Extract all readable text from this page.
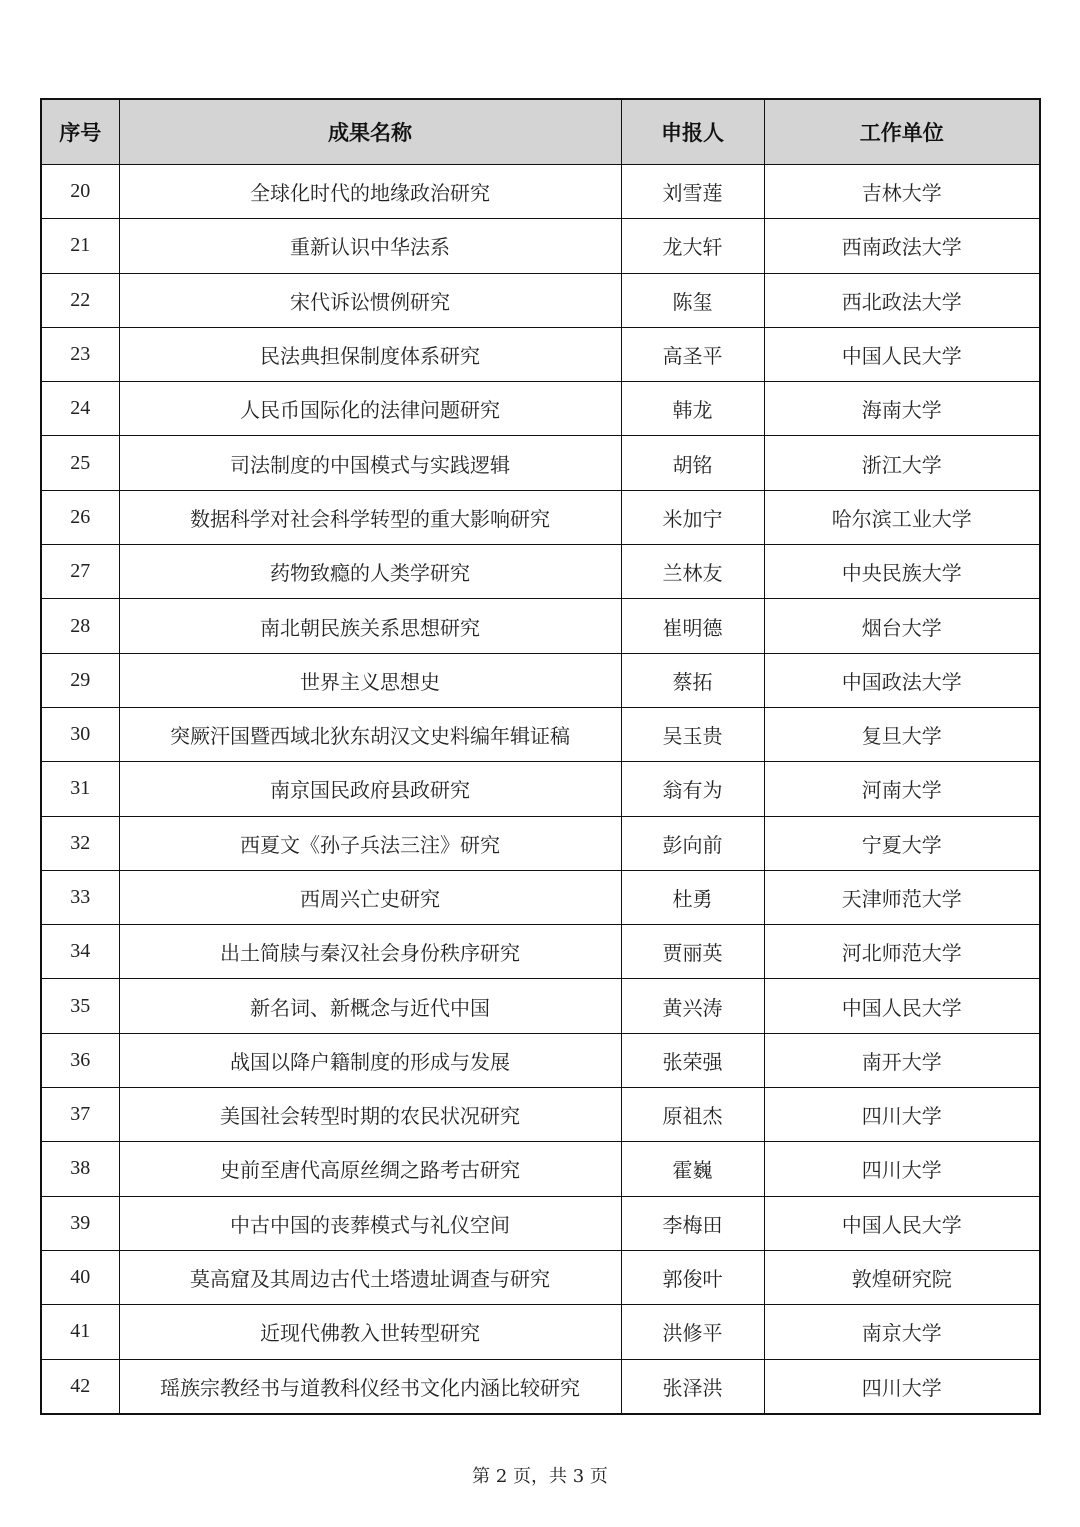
序号	成果名称	申报人	工作单位
20	全球化时代的地缘政治研究	刘雪莲	吉林大学
21	重新认识中华法系	龙大轩	西南政法大学
22	宋代诉讼惯例研究	陈玺	西北政法大学
23	民法典担保制度体系研究	高圣平	中国人民大学
24	人民币国际化的法律问题研究	韩龙	海南大学
25	司法制度的中国模式与实践逻辑	胡铭	浙江大学
26	数据科学对社会科学转型的重大影响研究	米加宁	哈尔滨工业大学
27	药物致瘾的人类学研究	兰林友	中央民族大学
28	南北朝民族关系思想研究	崔明德	烟台大学
29	世界主义思想史	蔡拓	中国政法大学
30	突厥汗国暨西域北狄东胡汉文史料编年辑证稿	吴玉贵	复旦大学
31	南京国民政府县政研究	翁有为	河南大学
32	西夏文《孙子兵法三注》研究	彭向前	宁夏大学
33	西周兴亡史研究	杜勇	天津师范大学
34	出土简牍与秦汉社会身份秩序研究	贾丽英	河北师范大学
35	新名词、新概念与近代中国	黄兴涛	中国人民大学
36	战国以降户籍制度的形成与发展	张荣强	南开大学
37	美国社会转型时期的农民状况研究	原祖杰	四川大学
38	史前至唐代高原丝绸之路考古研究	霍巍	四川大学
39	中古中国的丧葬模式与礼仪空间	李梅田	中国人民大学
40	莫高窟及其周边古代土塔遗址调查与研究	郭俊叶	敦煌研究院
41	近现代佛教入世转型研究	洪修平	南京大学
42	瑶族宗教经书与道教科仪经书文化内涵比较研究	张泽洪	四川大学
第 2 页，共 3 页
